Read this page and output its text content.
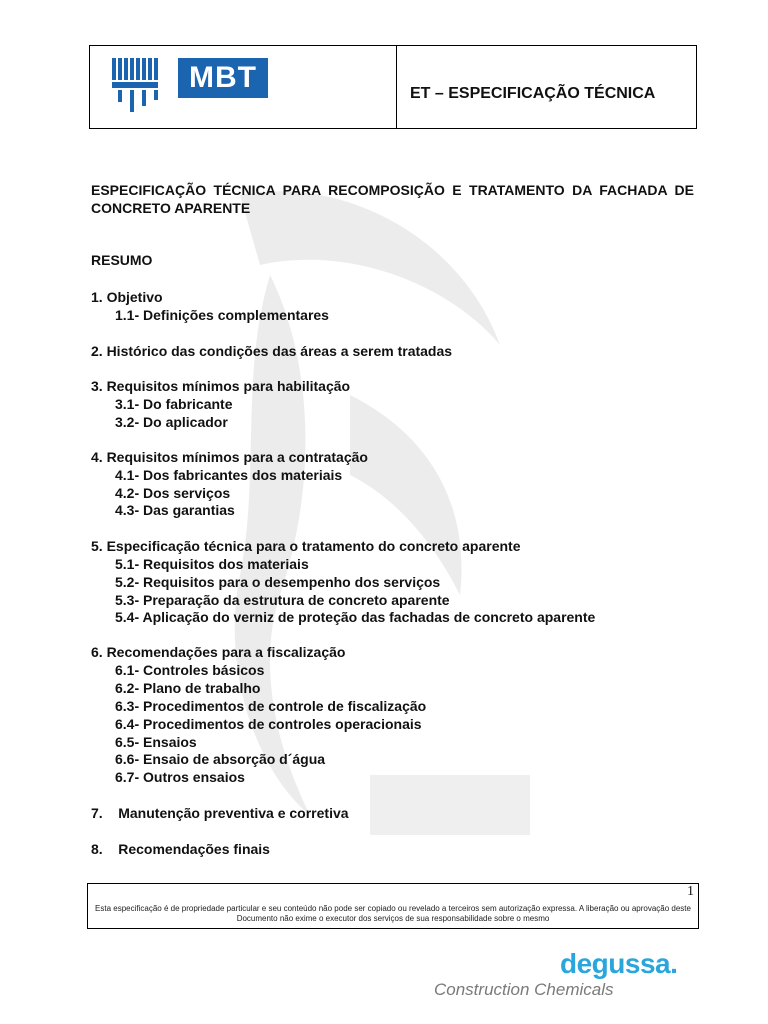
MBT	ET – ESPECIFICAÇÃO TÉCNICA
ESPECIFICAÇÃO TÉCNICA PARA RECOMPOSIÇÃO E TRATAMENTO DA FACHADA DE CONCRETO APARENTE
RESUMO
1. Objetivo
1.1- Definições complementares
2. Histórico das condições das áreas a serem tratadas
3. Requisitos mínimos para habilitação
3.1- Do fabricante
3.2- Do aplicador
4. Requisitos mínimos para a contratação
4.1- Dos fabricantes dos materiais
4.2- Dos serviços
4.3- Das garantias
5. Especificação técnica para o tratamento do concreto aparente
5.1- Requisitos dos materiais
5.2- Requisitos para o desempenho dos serviços
5.3- Preparação da estrutura de concreto aparente
5.4- Aplicação do verniz de proteção das fachadas de concreto aparente
6. Recomendações para a fiscalização
6.1- Controles básicos
6.2- Plano de trabalho
6.3- Procedimentos de controle de fiscalização
6.4- Procedimentos de controles operacionais
6.5- Ensaios
6.6- Ensaio de absorção d´água
6.7- Outros ensaios
7.    Manutenção preventiva e corretiva
8.    Recomendações finais
1
Esta especificação é de propriedade particular e seu conteúdo não pode ser copiado ou revelado a terceiros sem autorização expressa. A liberação ou aprovação deste Documento não exime o executor dos serviços de sua responsabilidade sobre o mesmo
degussa.
Construction Chemicals
